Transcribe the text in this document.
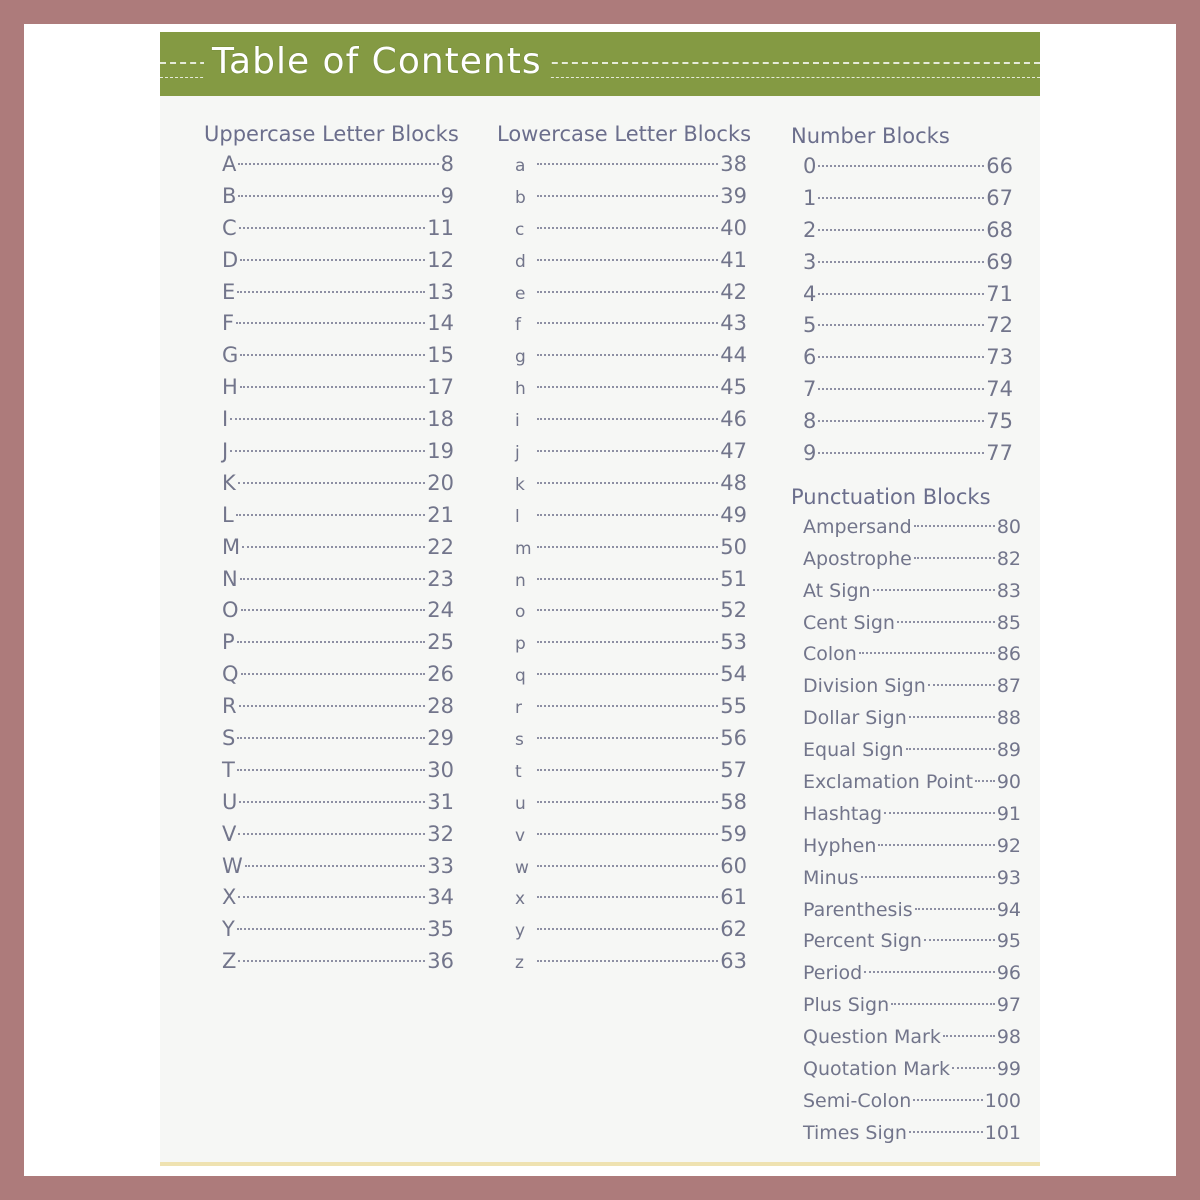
Table of Contents
Uppercase Letter Blocks
A	8
B	9
C	11
D	12
E	13
F	14
G	15
H	17
I	18
J	19
K	20
L	21
M	22
N	23
O	24
P	25
Q	26
R	28
S	29
T	30
U	31
V	32
W	33
X	34
Y	35
Z	36
Lowercase Letter Blocks
a	38
b	39
c	40
d	41
e	42
f	43
g	44
h	45
i	46
j	47
k	48
l	49
m	50
n	51
o	52
p	53
q	54
r	55
s	56
t	57
u	58
v	59
w	60
x	61
y	62
z	63
Number Blocks
0	66
1	67
2	68
3	69
4	71
5	72
6	73
7	74
8	75
9	77
Punctuation Blocks
Ampersand	80
Apostrophe	82
At Sign	83
Cent Sign	85
Colon	86
Division Sign	87
Dollar Sign	88
Equal Sign	89
Exclamation Point 90
Hashtag	91
Hyphen	92
Minus	93
Parenthesis	94
Percent Sign	95
Period	96
Plus Sign	97
Question Mark	98
Quotation Mark 99
Semi-Colon	100
Times Sign	101
